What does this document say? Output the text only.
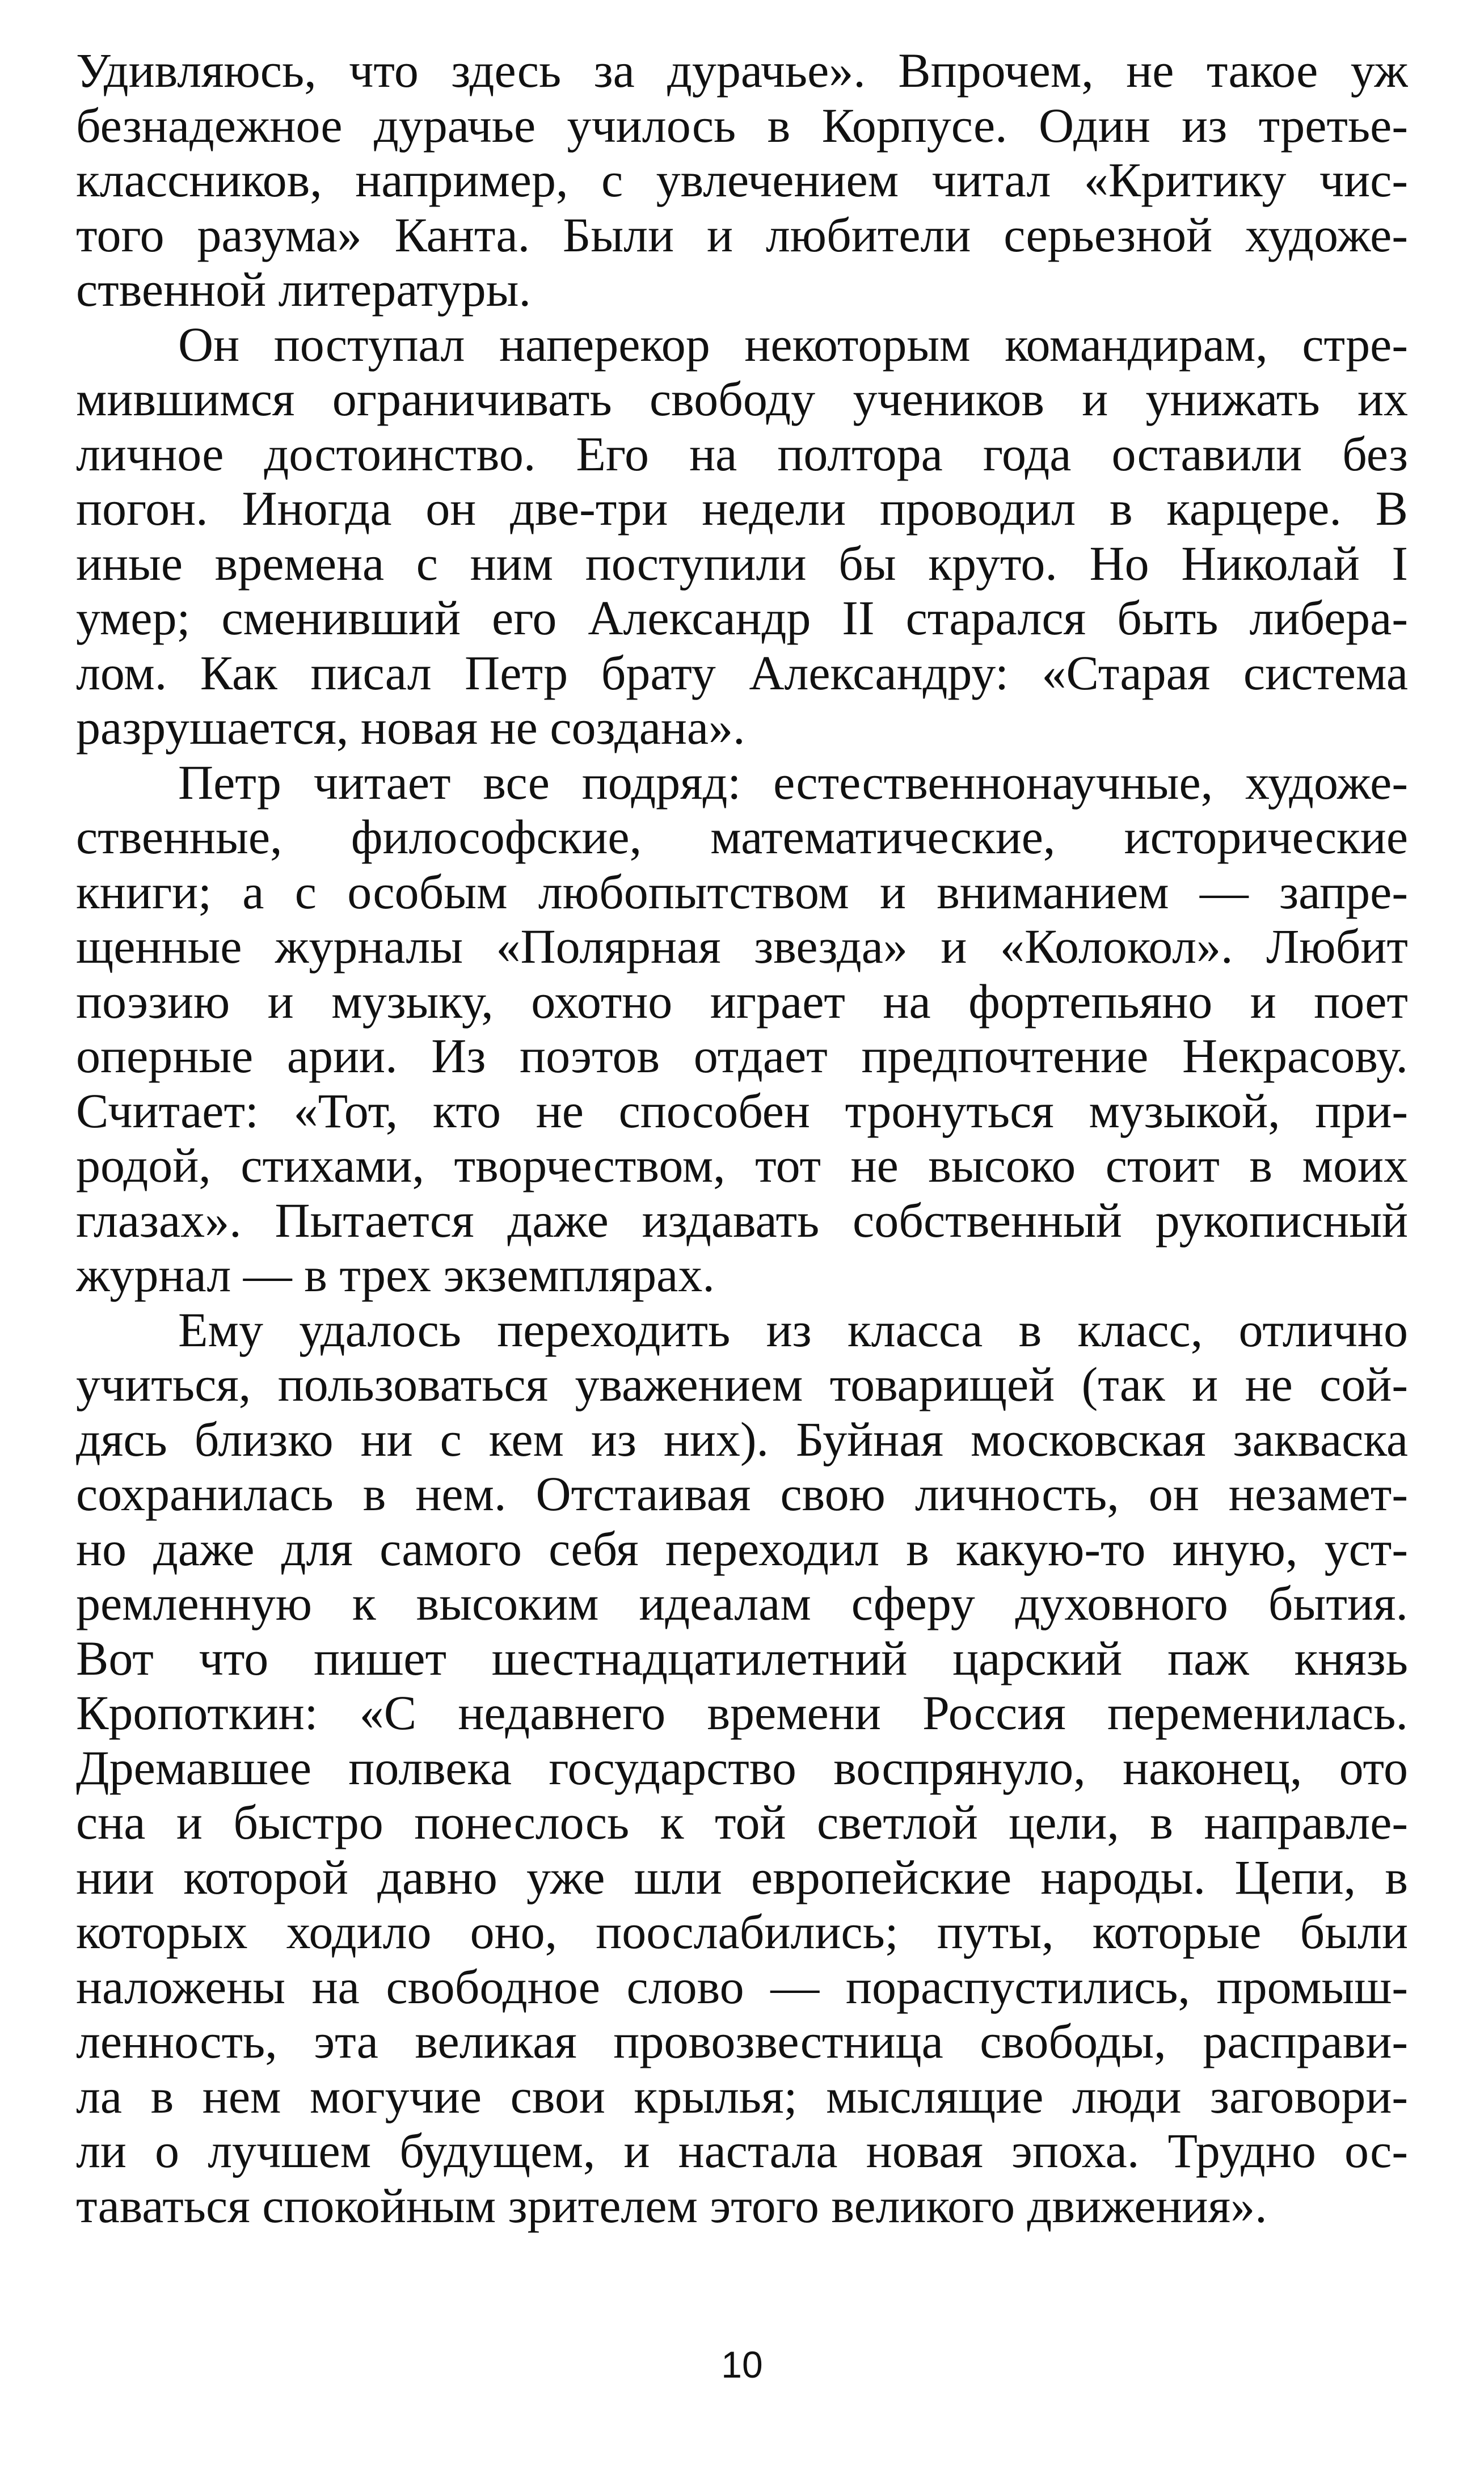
Удивляюсь, что здесь за дурачье». Впрочем, не такое уж
безнадежное дурачье училось в Корпусе. Один из третье-
классников, например, с увлечением читал «Критику чис-
того разума» Канта. Были и любители серьезной художе-
ственной литературы.
Он поступал наперекор некоторым командирам, стре-
мившимся ограничивать свободу учеников и унижать их
личное достоинство. Его на полтора года оставили без
погон. Иногда он две-три недели проводил в карцере. В
иные времена с ним поступили бы круто. Но Николай I
умер; сменивший его Александр II старался быть либера-
лом. Как писал Петр брату Александру: «Старая система
разрушается, новая не создана».
Петр читает все подряд: естественнонаучные, художе-
ственные, философские, математические, исторические
книги; а с особым любопытством и вниманием — запре-
щенные журналы «Полярная звезда» и «Колокол». Любит
поэзию и музыку, охотно играет на фортепьяно и поет
оперные арии. Из поэтов отдает предпочтение Некрасову.
Считает: «Тот, кто не способен тронуться музыкой, при-
родой, стихами, творчеством, тот не высоко стоит в моих
глазах». Пытается даже издавать собственный рукописный
журнал — в трех экземплярах.
Ему удалось переходить из класса в класс, отлично
учиться, пользоваться уважением товарищей (так и не сой-
дясь близко ни с кем из них). Буйная московская закваска
сохранилась в нем. Отстаивая свою личность, он незамет-
но даже для самого себя переходил в какую-то иную, уст-
ремленную к высоким идеалам сферу духовного бытия.
Вот что пишет шестнадцатилетний царский паж князь
Кропоткин: «С недавнего времени Россия переменилась.
Дремавшее полвека государство воспрянуло, наконец, ото
сна и быстро понеслось к той светлой цели, в направле-
нии которой давно уже шли европейские народы. Цепи, в
которых ходило оно, поослабились; путы, которые были
наложены на свободное слово — пораспустились, промыш-
ленность, эта великая провозвестница свободы, расправи-
ла в нем могучие свои крылья; мыслящие люди заговори-
ли о лучшем будущем, и настала новая эпоха. Трудно ос-
таваться спокойным зрителем этого великого движения».
10
